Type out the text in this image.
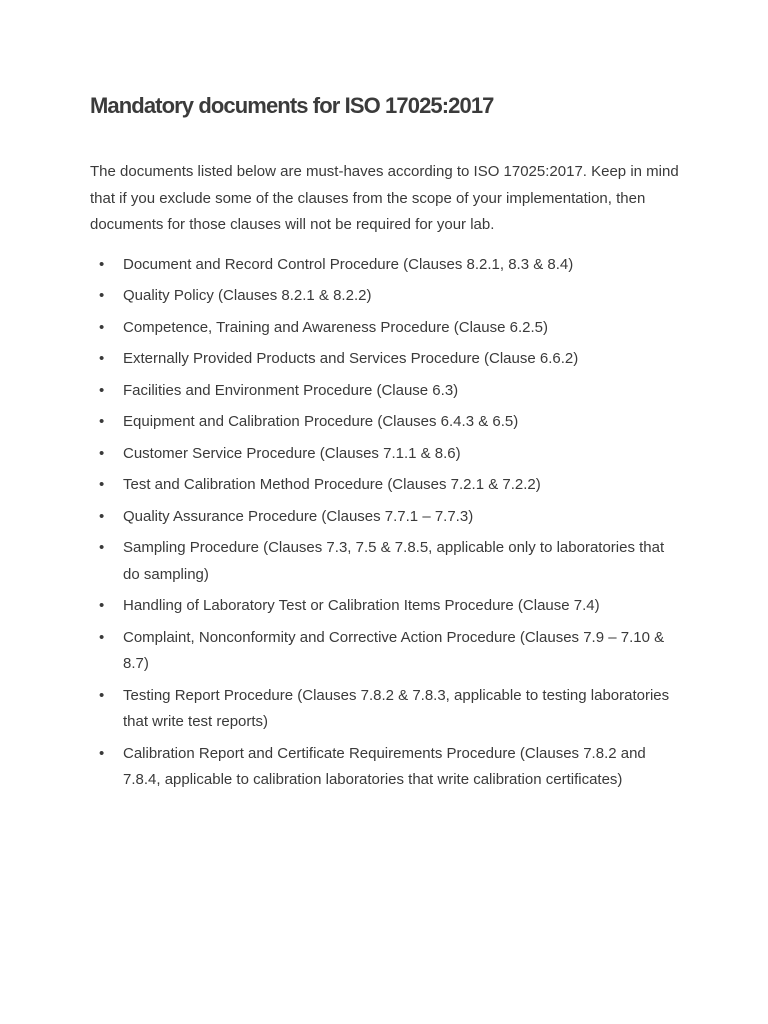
Mandatory documents for ISO 17025:2017

The documents listed below are must-haves according to ISO 17025:2017. Keep in mind that if you exclude some of the clauses from the scope of your implementation, then documents for those clauses will not be required for your lab.

• Document and Record Control Procedure (Clauses 8.2.1, 8.3 & 8.4)
• Quality Policy (Clauses 8.2.1 & 8.2.2)
• Competence, Training and Awareness Procedure (Clause 6.2.5)
• Externally Provided Products and Services Procedure (Clause 6.6.2)
• Facilities and Environment Procedure (Clause 6.3)
• Equipment and Calibration Procedure (Clauses 6.4.3 & 6.5)
• Customer Service Procedure (Clauses 7.1.1 & 8.6)
• Test and Calibration Method Procedure (Clauses 7.2.1 & 7.2.2)
• Quality Assurance Procedure (Clauses 7.7.1 – 7.7.3)
• Sampling Procedure (Clauses 7.3, 7.5 & 7.8.5, applicable only to laboratories that do sampling)
• Handling of Laboratory Test or Calibration Items Procedure (Clause 7.4)
• Complaint, Nonconformity and Corrective Action Procedure (Clauses 7.9 – 7.10 & 8.7)
• Testing Report Procedure (Clauses 7.8.2 & 7.8.3, applicable to testing laboratories that write test reports)
• Calibration Report and Certificate Requirements Procedure (Clauses 7.8.2 and 7.8.4, applicable to calibration laboratories that write calibration certificates)
